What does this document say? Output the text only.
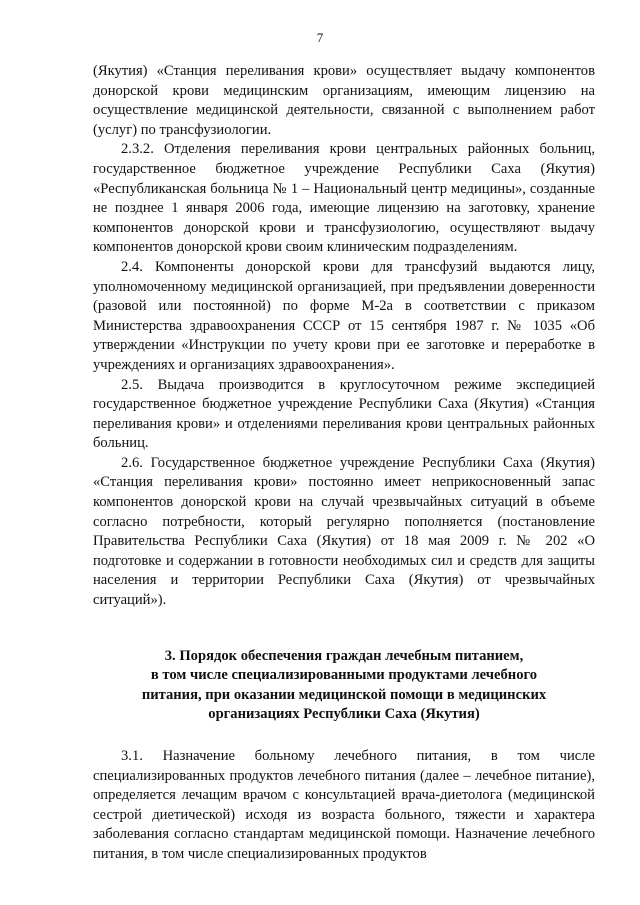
7

(Якутия) «Станция переливания крови» осуществляет выдачу компонентов донорской крови медицинским организациям, имеющим лицензию на осуществление медицинской деятельности, связанной с выполнением работ (услуг) по трансфузиологии.

2.3.2. Отделения переливания крови центральных районных больниц, государственное бюджетное учреждение Республики Саха (Якутия) «Республиканская больница № 1 – Национальный центр медицины», созданные не позднее 1 января 2006 года, имеющие лицензию на заготовку, хранение компонентов донорской крови и трансфузиологию, осуществляют выдачу компонентов донорской крови своим клиническим подразделениям.

2.4. Компоненты донорской крови для трансфузий выдаются лицу, уполномоченному медицинской организацией, при предъявлении доверенности (разовой или постоянной) по форме М-2а в соответствии с приказом Министерства здравоохранения СССР от 15 сентября 1987 г. № 1035 «Об утверждении «Инструкции по учету крови при ее заготовке и переработке в учреждениях и организациях здравоохранения».

2.5. Выдача производится в круглосуточном режиме экспедицией государственное бюджетное учреждение Республики Саха (Якутия) «Станция переливания крови» и отделениями переливания крови центральных районных больниц.

2.6. Государственное бюджетное учреждение Республики Саха (Якутия) «Станция переливания крови» постоянно имеет неприкосновенный запас компонентов донорской крови на случай чрезвычайных ситуаций в объеме согласно потребности, который регулярно пополняется (постановление Правительства Республики Саха (Якутия) от 18 мая 2009 г. № 202 «О подготовке и содержании в готовности необходимых сил и средств для защиты населения и территории Республики Саха (Якутия) от чрезвычайных ситуаций»).

3. Порядок обеспечения граждан лечебным питанием,
в том числе специализированными продуктами лечебного
питания, при оказании медицинской помощи в медицинских
организациях Республики Саха (Якутия)

3.1. Назначение больному лечебного питания, в том числе специализированных продуктов лечебного питания (далее – лечебное питание), определяется лечащим врачом с консультацией врача-диетолога (медицинской сестрой диетической) исходя из возраста больного, тяжести и характера заболевания согласно стандартам медицинской помощи. Назначение лечебного питания, в том числе специализированных продуктов
